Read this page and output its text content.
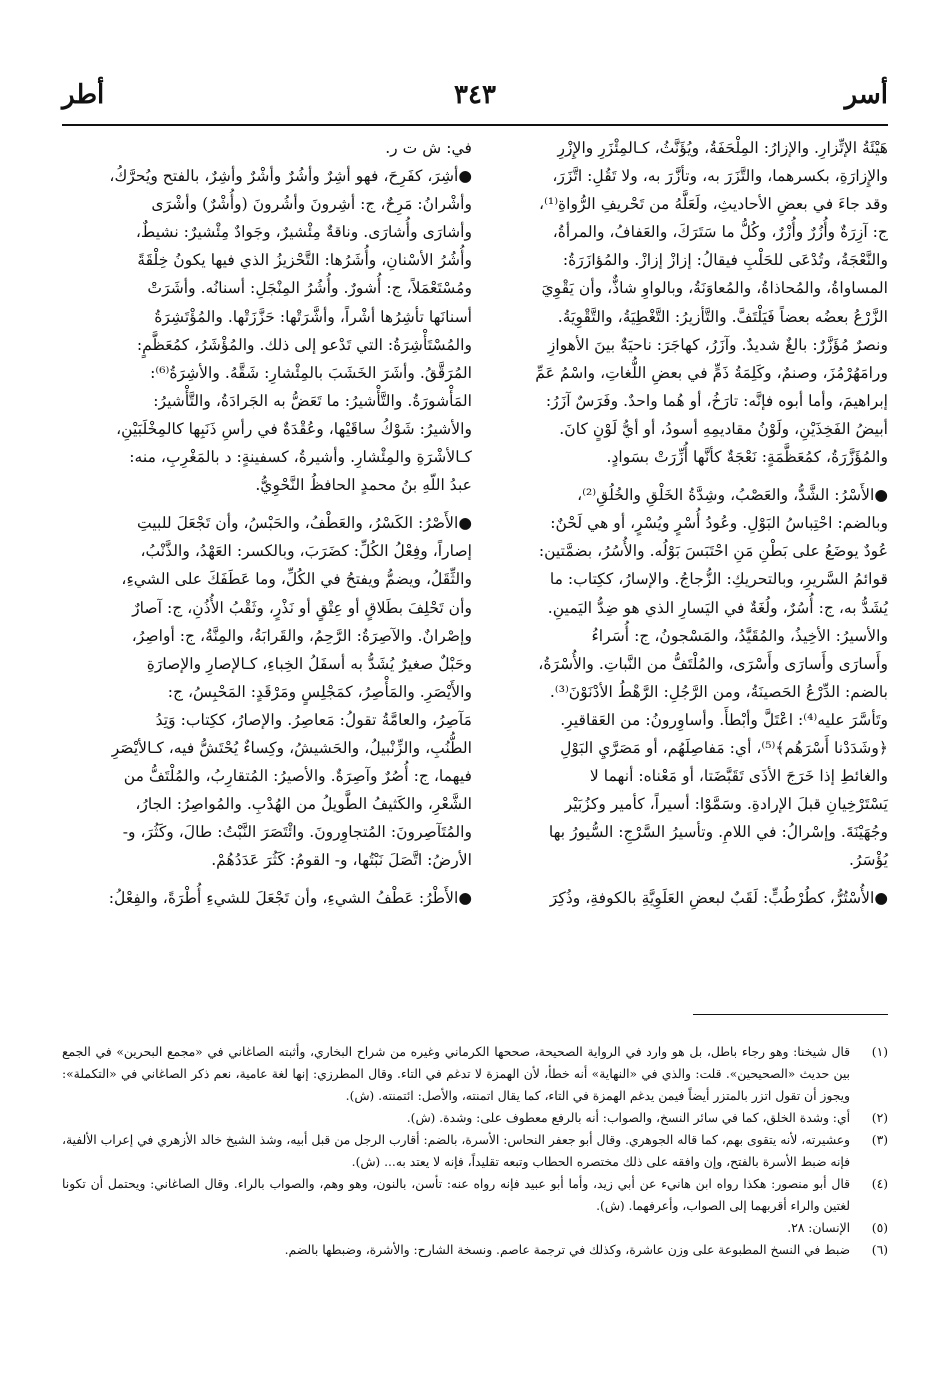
أسر
٣٤٣
أطر

هَيْئَةُ الإتِّزارِ. والإزارُ: المِلْحَفَةُ، ويُؤَنَّثُ، كـالمِئْزَرِ والإِزْرِ

والإِزارَةِ، بكسرهما، والتَّزَرَ به، وتأزَّرَ به، ولا تَقُلِ: اتَّزَرَ،

وقد جاءَ في بعضِ الأحاديثِ، ولَعَلَّهُ من تَحْريفِ الرُّواةِ⁽¹⁾،

ج: آزِرَةٌ وأُزُرٌ وأُزْرٌ، وكُلُّ ما سَتَرَكَ، والعَفافُ، والمرأةُ،

والنَّعْجَةُ، وتُدْعَى للحَلْبِ فيقالُ: إزازْ إزازْ. والمُؤازَرَةُ:

المساواةُ، والمُحاذاةُ، والمُعاوَنَةُ، وبالواوِ شاذٌّ، وأن يَقْوِيَ

الزَّرْعُ بعضُه بعضاً فَيَلْتَفَّ. والتَّأزيرُ: التَّغْطِيَةُ، والتَّقْوِيَةُ.

ونصرٌ مُؤَزَّرٌ: بالغٌ شديدٌ. وآزَرُ، كهاجَرَ: ناحيَةٌ بينَ الأهوازِ

ورامَهُرْمُزَ، وصنمٌ، وكَلِمَةُ ذَمٍّ في بعضِ اللُّغاتِ، واسْمُ عَمِّ

إبراهيمَ، وأما أبوه فإنَّه: تارَخُ، أو هُما واحدٌ. وفَرَسٌ آزَرُ:

أبيضُ الفَخِذَيْنِ، ولَوْنُ مقاديمِهِ أسودُ، أو أيُّ لَوْنٍ كانَ.

والمُؤَزَّرَةُ، كمُعَظَّمَةٍ: نَعْجَةٌ كأنَّها أُزِّرَتْ بسَوادٍ.

●الأَسْرُ: الشَّدُّ، والعَصْبُ، وشِدَّةُ الخَلْقِ والخُلُقِ⁽²⁾،

وبالضم: احْتِباسُ البَوْلِ. وعُودُ أُسْرٍ ويُسْرٍ، أو هي لَحْنٌ:

عُودٌ يوضَعُ على بَطْنِ مَنِ احْتَبَسَ بَوْلُه. والأُسُرُ، بضمَّتين:

قوائمُ السَّريرِ، وبالتحريكِ: الزُّجاجُ. والإسارُ، ككِتاب: ما

يُشَدُّ به، ج: أُسُرٌ، ولُغَةٌ في اليَسارِ الذي هو ضِدُّ اليَمينِ.

والأسيرُ: الأخِيذُ، والمُقَيَّدُ، والمَسْجونُ، ج: أُسَراءُ

وأَسارَى وأَسارَى وأَسْرَى، والمُلْتَفُّ من النَّباتِ. والأُسْرَةُ،

بالضم: الدِّرْعُ الحَصينَةُ، ومن الرَّجُلِ: الرَّهْطُ الأدْنَوْنَ⁽³⁾.

وتَأسَّرَ عليه⁽⁴⁾: اعْتَلَّ وأبْطأَ. وأساوِرونُ: من العَقاقيرِ.

﴿وشَدَدْنا أَسْرَهُم﴾⁽⁵⁾، أي: مَفاصِلَهُم، أو مَصَرَّيِ البَوْلِ

والغائطِ إذا خَرَجَ الأذَى تَقَبَّضَتا، أو مَعْناه: أنهما لا

يَسْتَرْخِيانِ قبلَ الإرادةِ. وسَمَّوْا: أسيراً، كأمير وكزُبَيْر

وجُهَيْنَةَ. وإسْرالُ: في اللامِ. وتأسيرُ السَّرْجِ: السُّيورُ بها

يُؤْسَرُ.

●الأُسْتُرُّ، كطُرْطُبٍّ: لَقَبٌ لبعضِ العَلَوِيَّةِ بالكوفةِ، وذُكِرَ

في: ش ت ر.

●أشِرَ، كفَرِحَ، فهو أشِرٌ وأشُرٌ وأشْرٌ وأشِرٌ، بالفتح ويُحرَّكُ،

وأشْرانُ: مَرِحٌ، ج: أشِرونَ وأشُرونَ (وأُشْرٌ) وأشْرَى

وأشارَى وأُشارَى. وناقةٌ مِئْشيرٌ، وجَوادٌ مِئْشيرٌ: نشيطٌ،

وأُشُرُ الأسْنانِ، وأُشَرُها: التَّحْزيزُ الذي فيها يكونُ خِلْقَةً

ومُسْتَعْمَلاً، ج: أُشورٌ. وأُشُرُ المِنْجَلِ: أسنانُه. وأشَرَتْ

أسنانَها تأشِرُها أشْراً، وأشَّرَتْها: حَزَّزَتْها. والمُؤْتَشِرَةُ

والمُسْتَأْشِرَةُ: التي تَدْعو إلى ذلك. والمُؤْشَرُ، كمُعَظَّمٍ:

المُرَقَّقُ. وأشَرَ الخَشَبَ بالمِئْشارِ: شَقَّهُ. والأشِرَةُ⁽⁶⁾:

المَأْشورَةُ. والتَّأْشيرُ: ما تَعَضُّ به الجَرادَةُ، والتَّأْشيرُ:

والأشيرُ: شَوْكُ ساقَيْها، وعُقْدَةٌ في رأسِ ذَنَبِها كالمِخْلَبَيْنِ،

كـالأشْرَةِ والمِئْشارِ. وأشيرةُ، كسفينةٍ: د بالمَغْرِبِ، منه:

عبدُ اللّهِ بنُ محمدٍ الحافظُ النَّحْوِيُّ.

●الأَصْرُ: الكَسْرُ، والعَطْفُ، والحَبْسُ، وأن تَجْعَلَ للبيتِ

إصاراً، وفِعْلُ الكُلِّ: كضَرَبَ، وبالكسر: العَهْدُ، والذَّنْبُ،

والثِّقَلُ، ويضمُّ ويفتحُ في الكُلِّ، وما عَطَفَكَ على الشيءِ،

وأن تَحْلِفَ بطَلاقٍ أو عِتْقٍ أو نَذْرٍ، وثَقْبُ الأُذُنِ، ج: آصارٌ

وإصْرانٌ. والآصِرَةُ: الرَّحِمُ، والقَرابَةُ، والمِنَّةُ، ج: أواصِرُ،

وحَبْلٌ صغيرٌ يُشَدُّ به أسفَلُ الخِباءِ، كـالإصارِ والإصارَةِ

والأَيْصَرِ. والمَأْصِرُ، كمَجْلِسٍ ومَرْقَدٍ: المَحْبِسُ، ج:

مَآصِرُ، والعامَّةُ تقولُ: مَعاصِرُ. والإصارُ، ككِتاب: وَتِدُ

الطُّنُبِ، والزِّنْبيلُ، والحَشيشُ، وكِساءٌ يُحْتَشُّ فيه، كـالأيْصَرِ

فيهما، ج: أُصُرٌ وآصِرَةٌ. والأصيرُ: المُتقارِبُ، والمُلْتَفُّ من

الشَّعْرِ، والكَثيفُ الطَّويلُ من الهُدْبِ. والمُواصِرُ: الجارُ،

والمُتَآصِرونَ: المُتجاوِرونَ. وائْتَصَرَ النَّبْتُ: طالَ، وكَثُرَ، و-

الأرضُ: اتَّصَلَ نَبْتُها، و- القومُ: كَثُرَ عَدَدُهُمْ.

●الأَطْرُ: عَطْفُ الشيءِ، وأن تَجْعَلَ للشيءِ أُطْرَةً، والفِعْلُ:

(١)
قال شيخنا: وهو رجاء باطل، بل هو وارد في الرواية الصحيحة، صححها الكرماني وغيره من شراح البخاري، وأثبته الصاغاني في «مجمع البحرين» في الجمع بين حديث «الصحيحين». قلت: والذي في «النهاية» أنه خطأ، لأن الهمزة لا تدغم في التاء. وقال المطرزي: إنها لغة عامية، نعم ذكر الصاغاني في «التكملة»: ويجوز أن تقول اتزر بالمتزر أيضاً فيمن يدغم الهمزة في التاء، كما يقال اتمنته، والأصل: ائتمنته. (ش).
(٢)
أي: وشدة الخلق، كما في سائر النسخ، والصواب: أنه بالرفع معطوف على: وشدة. (ش).
(٣)
وعشيرته، لأنه يتقوى بهم، كما قاله الجوهري. وقال أبو جعفر النحاس: الأسرة، بالضم: أقارب الرجل من قبل أبيه، وشذ الشيخ خالد الأزهري في إعراب الألفية، فإنه ضبط الأسرة بالفتح، وإن وافقه على ذلك مختصره الحطاب وتبعه تقليداً، فإنه لا يعتد به... (ش).
(٤)
قال أبو منصور: هكذا رواه ابن هانيء عن أبي زيد، وأما أبو عبيد فإنه رواه عنه: تأسن، بالنون، وهو وهم، والصواب بالراء. وقال الصاغاني: ويحتمل أن تكونا لغتين والراء أقربهما إلى الصواب، وأعرفهما. (ش).
(٥)
الإنسان: ٢٨.
(٦)
ضبط في النسخ المطبوعة على وزن عاشرة، وكذلك في ترجمة عاصم. ونسخة الشارح: والأشرة، وضبطها بالضم.
